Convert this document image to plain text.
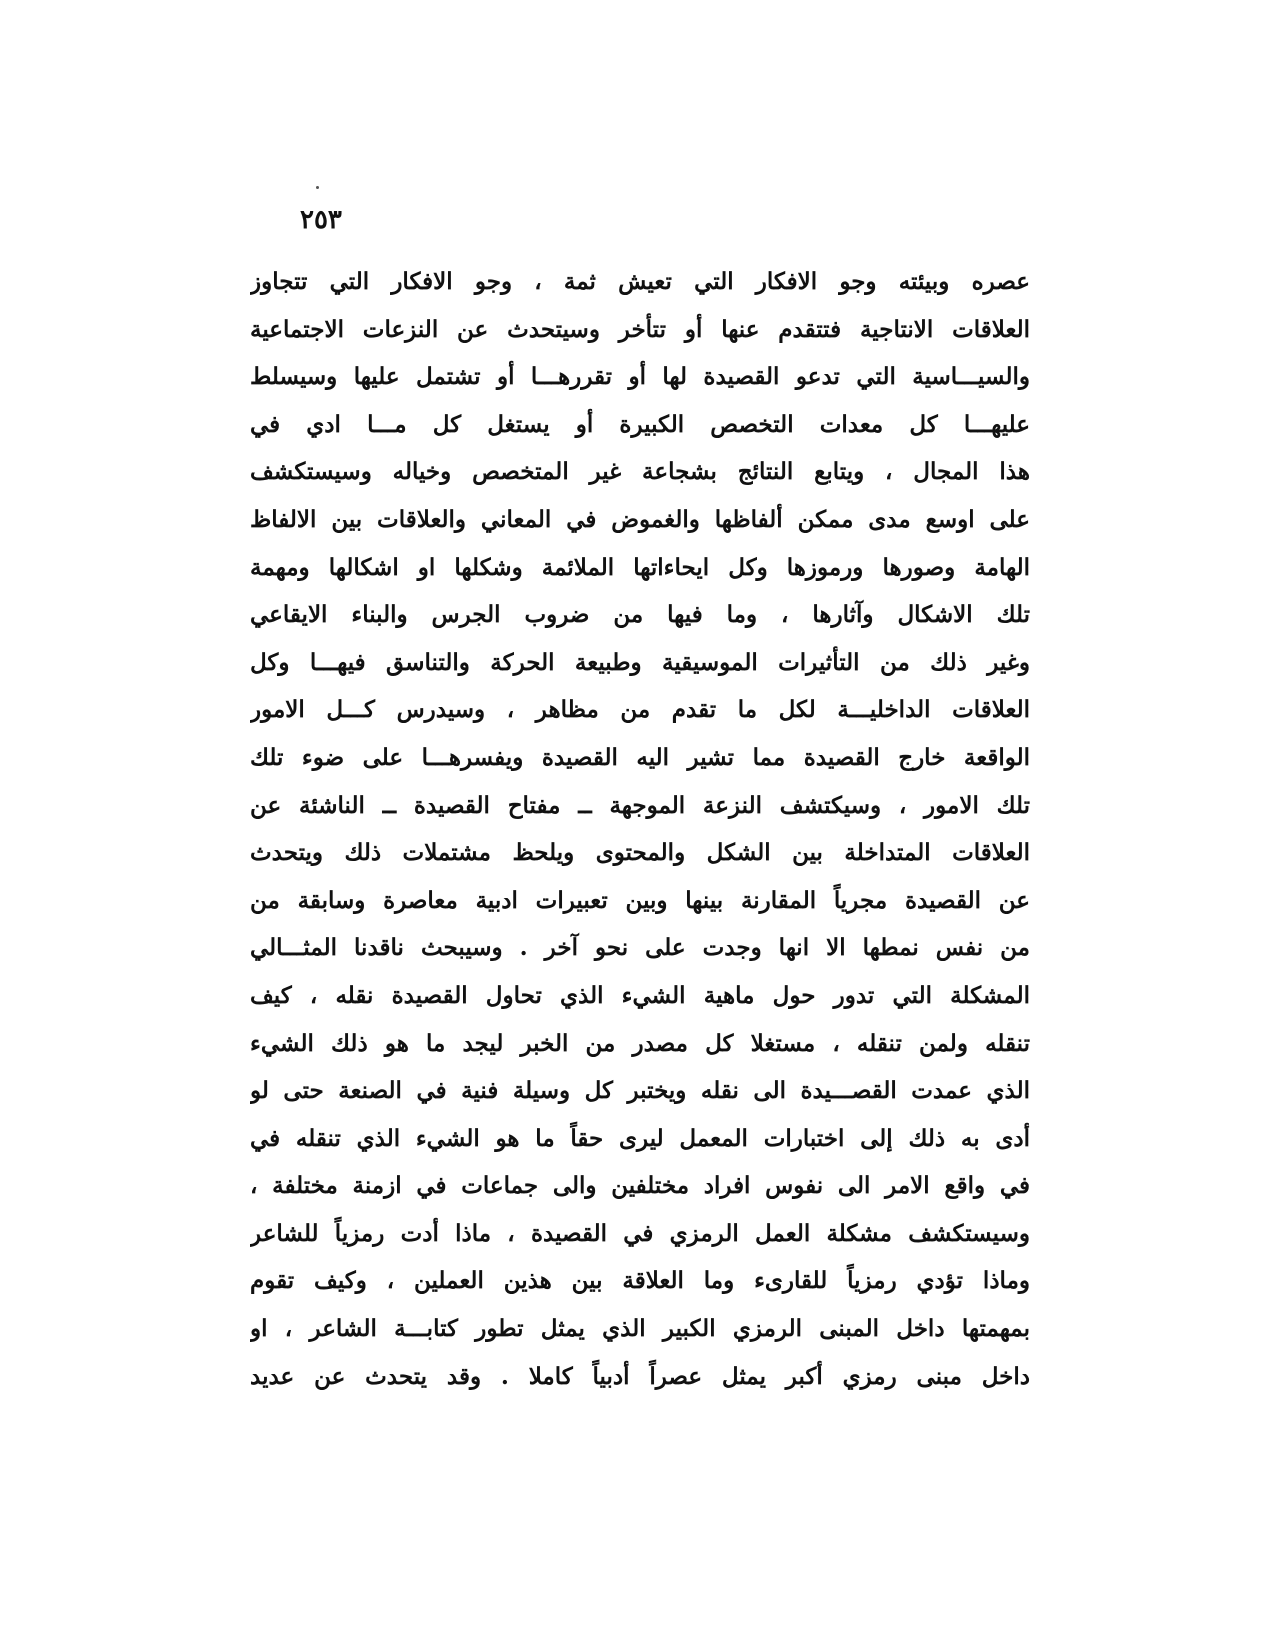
٢٥٣
عصره وبيئته وجو الافكار التي تعيش ثمة ، وجو الافكار التي تتجاوز
العلاقات الانتاجية فتتقدم عنها أو تتأخر وسيتحدث عن النزعات الاجتماعية
والسيـــاسية التي تدعو القصيدة لها أو تقررهـــا أو تشتمل عليها وسيسلط
عليهـــا كل معدات التخصص الكبيرة أو يستغل كل مـــا ادي في
هذا المجال ، ويتابع النتائج بشجاعة غير المتخصص وخياله وسيستكشف
على اوسع مدى ممكن ألفاظها والغموض في المعاني والعلاقات بين الالفاظ
الهامة وصورها ورموزها وكل ايحاءاتها الملائمة وشكلها او اشكالها ومهمة
تلك الاشكال وآثارها ، وما فيها من ضروب الجرس والبناء الايقاعي
وغير ذلك من التأثيرات الموسيقية وطبيعة الحركة والتناسق فيهـــا وكل
العلاقات الداخليـــة لكل ما تقدم من مظاهر ، وسيدرس كـــل الامور
الواقعة خارج القصيدة مما تشير اليه القصيدة ويفسرهـــا على ضوء تلك
تلك الامور ، وسيكتشف النزعة الموجهة ــ مفتاح القصيدة ــ الناشئة عن
العلاقات المتداخلة بين الشكل والمحتوى ويلحظ مشتملات ذلك ويتحدث
عن القصيدة مجرياً المقارنة بينها وبين تعبيرات ادبية معاصرة وسابقة من
من نفس نمطها الا انها وجدت على نحو آخر . وسيبحث ناقدنا المثـــالي
المشكلة التي تدور حول ماهية الشيء الذي تحاول القصيدة نقله ، كيف
تنقله ولمن تنقله ، مستغلا كل مصدر من الخبر ليجد ما هو ذلك الشيء
الذي عمدت القصـــيدة الى نقله ويختبر كل وسيلة فنية في الصنعة حتى لو
أدى به ذلك إلى اختبارات المعمل ليرى حقاً ما هو الشيء الذي تنقله في
في واقع الامر الى نفوس افراد مختلفين والى جماعات في ازمنة مختلفة ،
وسيستكشف مشكلة العمل الرمزي في القصيدة ، ماذا أدت رمزياً للشاعر
وماذا تؤدي رمزياً للقارىء وما العلاقة بين هذين العملين ، وكيف تقوم
بمهمتها داخل المبنى الرمزي الكبير الذي يمثل تطور كتابـــة الشاعر ، او
داخل مبنى رمزي أكبر يمثل عصراً أدبياً كاملا . وقد يتحدث عن عديد
